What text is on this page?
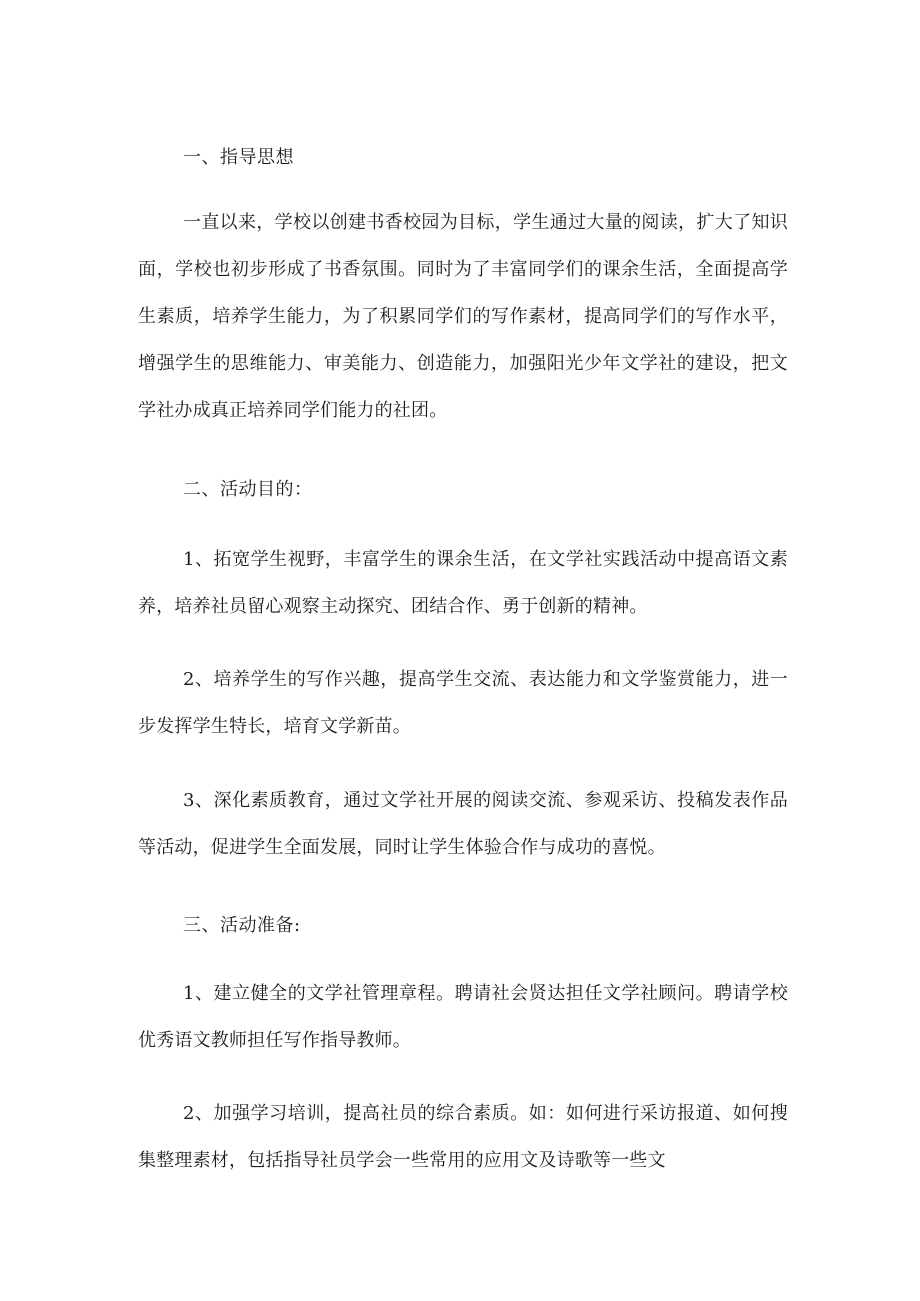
一、指导思想
一直以来，学校以创建书香校园为目标，学生通过大量的阅读，扩大了知识面，学校也初步形成了书香氛围。同时为了丰富同学们的课余生活，全面提高学生素质，培养学生能力，为了积累同学们的写作素材，提高同学们的写作水平，增强学生的思维能力、审美能力、创造能力，加强阳光少年文学社的建设，把文学社办成真正培养同学们能力的社团。
二、活动目的：
1、拓宽学生视野，丰富学生的课余生活，在文学社实践活动中提高语文素养，培养社员留心观察主动探究、团结合作、勇于创新的精神。
2、培养学生的写作兴趣，提高学生交流、表达能力和文学鉴赏能力，进一步发挥学生特长，培育文学新苗。
3、深化素质教育，通过文学社开展的阅读交流、参观采访、投稿发表作品等活动，促进学生全面发展，同时让学生体验合作与成功的喜悦。
三、活动准备:
1、建立健全的文学社管理章程。聘请社会贤达担任文学社顾问。聘请学校优秀语文教师担任写作指导教师。
2、加强学习培训，提高社员的综合素质。如：如何进行采访报道、如何搜集整理素材，包括指导社员学会一些常用的应用文及诗歌等一些文
